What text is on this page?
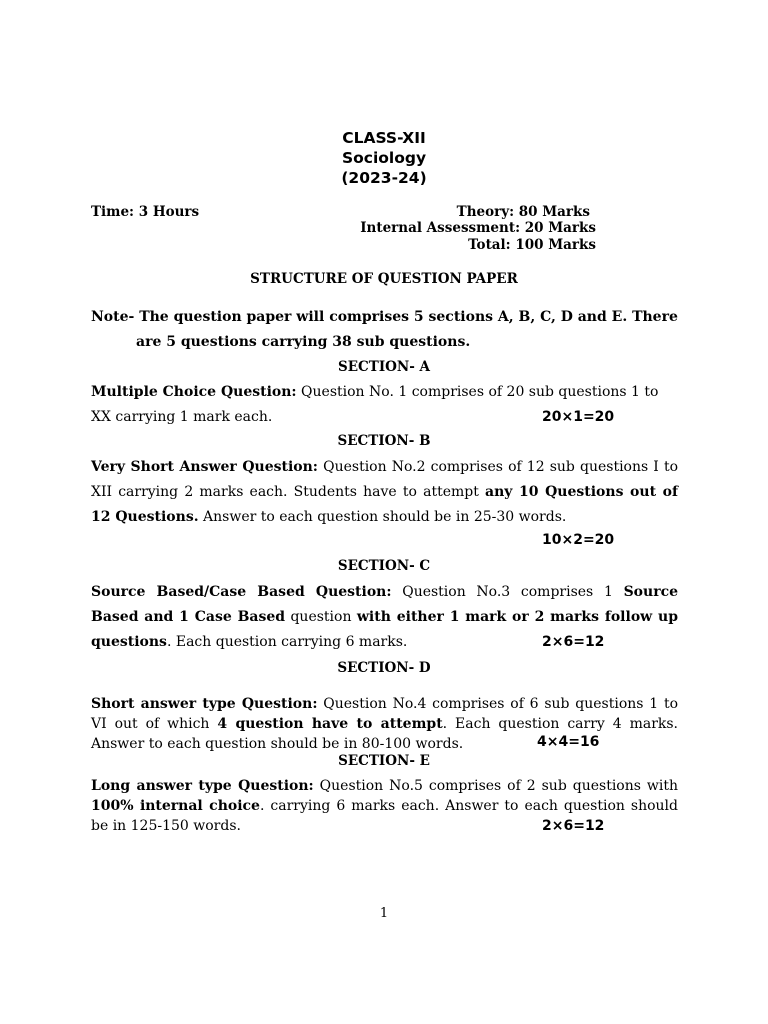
CLASS-XII
Sociology
(2023-24)
Time: 3 Hours	Theory: 80 Marks
Internal Assessment: 20 Marks
Total: 100 Marks
STRUCTURE OF QUESTION PAPER
Note- The question paper will comprises 5 sections A, B, C, D and E. There
are 5 questions carrying 38 sub questions.
SECTION- A

Multiple Choice Question: Question No. 1 comprises of 20 sub questions 1 to

XX carrying 1 mark each.	20×1=20

SECTION- B

Very Short Answer Question: Question No.2 comprises of 12 sub questions I to XII carrying 2 marks each. Students have to attempt any 10 Questions out of 12 Questions. Answer to each question should be in 25-30 words.

10×2=20
SECTION- C

Source Based/Case Based Question: Question No.3 comprises 1 Source Based and 1 Case Based question with either 1 mark or 2 marks follow up questions. Each question carrying 6 marks.	2×6=12
SECTION- D

Short answer type Question: Question No.4 comprises of 6 sub questions 1 to VI out of which 4 question have to attempt. Each question carry 4 marks. Answer to each question should be in 80-100 words.	4×4=16
SECTION- E

Long answer type Question: Question No.5 comprises of 2 sub questions with 100% internal choice. carrying 6 marks each. Answer to each question should be in 125-150 words.	2×6=12
1
